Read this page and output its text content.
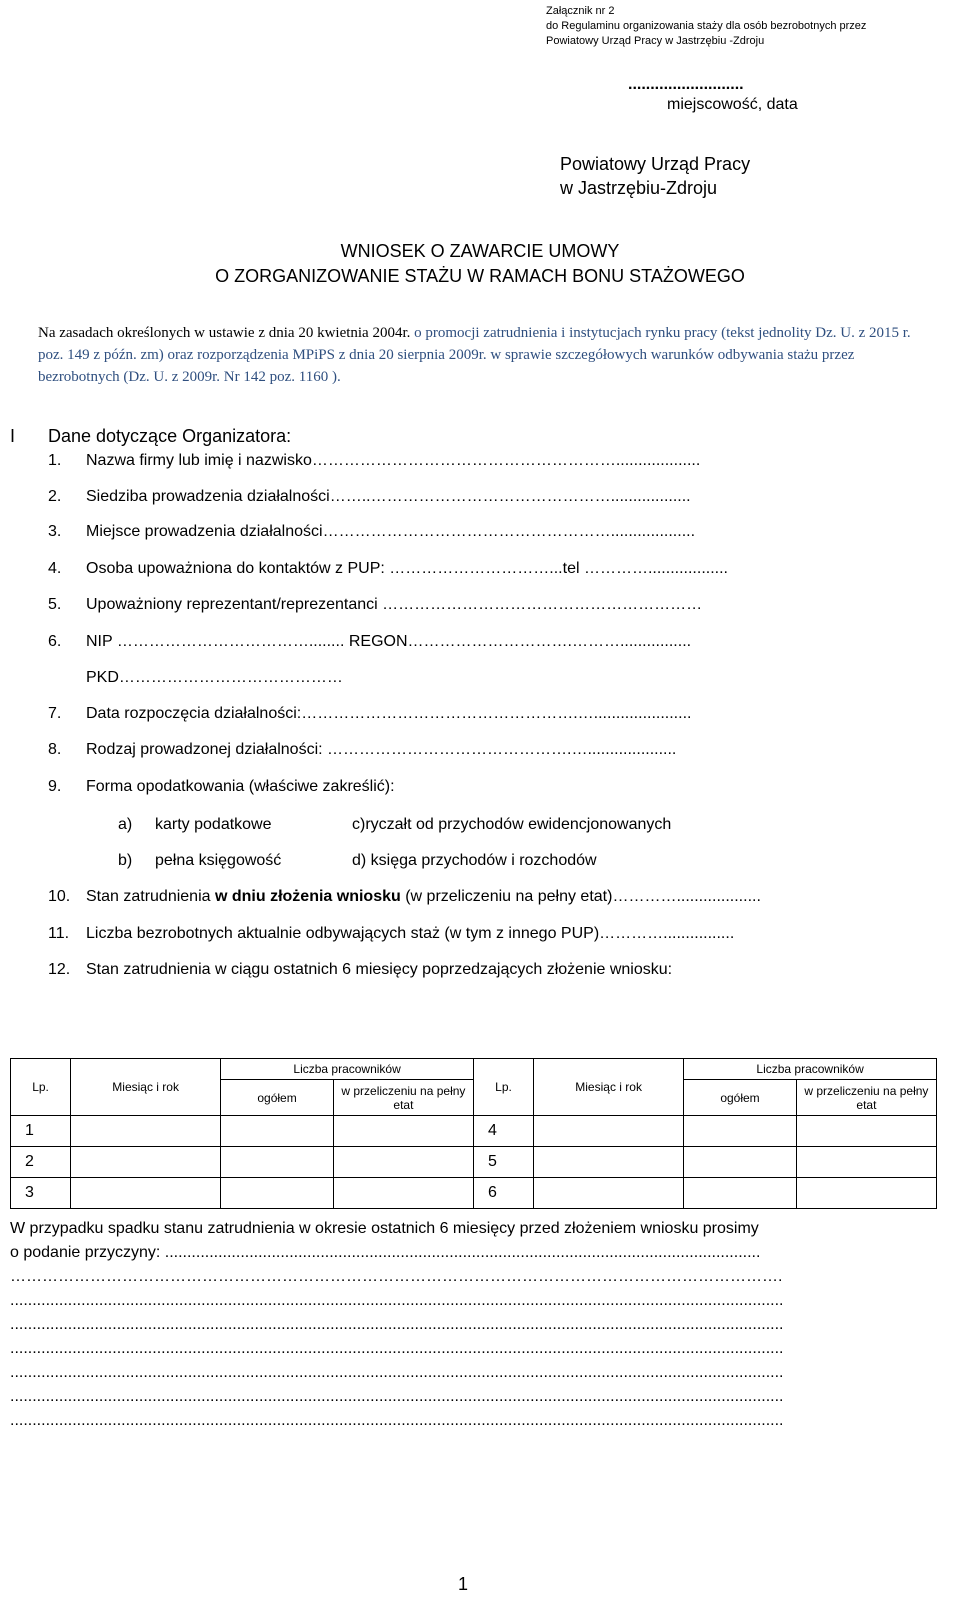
Załącznik nr 2
do Regulaminu organizowania staży dla osób bezrobotnych przez
Powiatowy Urząd Pracy w Jastrzębiu -Zdroju
..........................
miejscowość, data
Powiatowy Urząd Pracy
w Jastrzębiu-Zdroju
WNIOSEK O ZAWARCIE UMOWY
O ZORGANIZOWANIE STAŻU W RAMACH BONU STAŻOWEGO
Na zasadach określonych w ustawie z dnia 20 kwietnia 2004r. o promocji zatrudnienia i instytucjach rynku pracy (tekst jednolity Dz. U. z 2015 r. poz. 149 z późn. zm) oraz rozporządzenia MPiPS z dnia 20 sierpnia 2009r. w sprawie szczegółowych warunków odbywania stażu przez bezrobotnych (Dz. U. z 2009r. Nr 142 poz. 1160 ).
I Dane dotyczące Organizatora:
1. Nazwa firmy lub imię i nazwisko…………………………………………………...................
2. Siedziba prowadzenia działalności……..………………………………………..................
3. Miejsce prowadzenia działalności………………………………………………...................
4. Osoba upoważniona do kontaktów z PUP: …………………………...tel …………..................
5. Upoważniony reprezentant/reprezentanci ……………………………………………………
6. NIP ………………………………........ REGON………………………….………................
PKD……………………………………
7. Data rozpoczęcia działalności:…………………………………………….…......................
8. Rodzaj prowadzonej działalności: ……………………………………….…....................
9. Forma opodatkowania (właściwe zakreślić):
a) karty podatkowe	c)ryczałt od przychodów ewidencjonowanych
b) pełna księgowość	d) księga przychodów i rozchodów
10. Stan zatrudnienia w dniu złożenia wniosku (w przeliczeniu na pełny etat)…………...................
11. Liczba bezrobotnych aktualnie odbywających staż (w tym z innego PUP)…………................
12. Stan zatrudnienia w ciągu ostatnich 6 miesięcy poprzedzających złożenie wniosku:
Lp.	Miesiąc i rok	Liczba pracowników		Lp.	Miesiąc i rok	Liczba pracowników	
		ogółem	w przeliczeniu na pełny etat			ogółem	w przeliczeniu na pełny etat
1				4			
2				5			
3				6			
W przypadku spadku stanu zatrudnienia w okresie ostatnich 6 miesięcy przed złożeniem wniosku prosimy
o podanie przyczyny: ......................................................................................................................................
……………………………………………………………………………………………………………………………….
..............................................................................................................................................................................
..............................................................................................................................................................................
..............................................................................................................................................................................
..............................................................................................................................................................................
..............................................................................................................................................................................
..............................................................................................................................................................................
1
